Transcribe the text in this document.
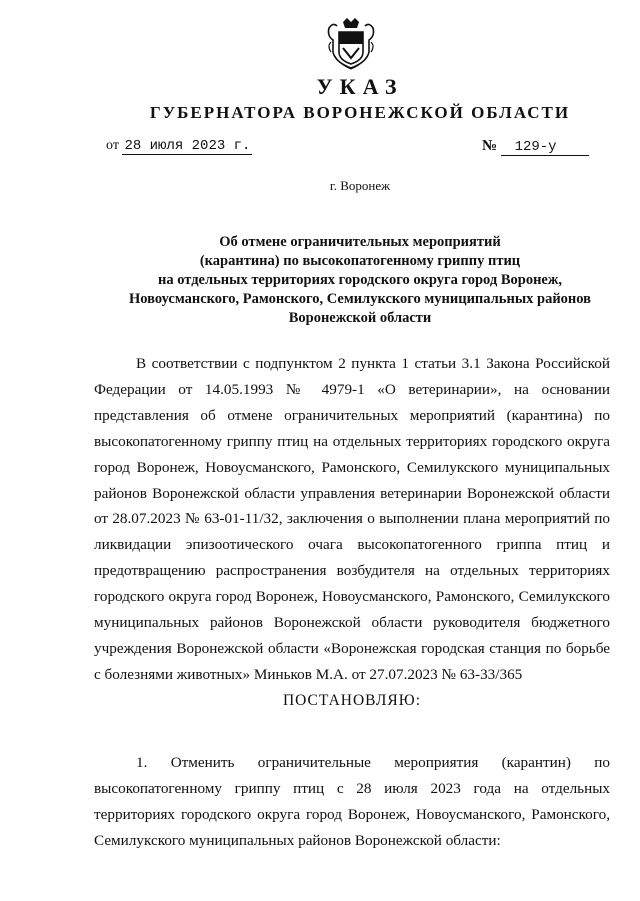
УКАЗ
ГУБЕРНАТОРА ВОРОНЕЖСКОЙ ОБЛАСТИ
от 28 июля 2023 г.	№ 129-у
г. Воронеж
Об отмене ограничительных мероприятий
(карантина) по высокопатогенному гриппу птиц
на отдельных территориях городского округа город Воронеж,
Новоусманского, Рамонского, Семилукского муниципальных районов
Воронежской области
В соответствии с подпунктом 2 пункта 1 статьи 3.1 Закона Российской
Федерации от 14.05.1993 № 4979-1 «О ветеринарии», на основании
представления об отмене ограничительных мероприятий (карантина) по
высокопатогенному гриппу птиц на отдельных территориях городского округа
город Воронеж, Новоусманского, Рамонского, Семилукского муниципальных
районов Воронежской области управления ветеринарии Воронежской области
от 28.07.2023 № 63-01-11/32, заключения о выполнении плана мероприятий по
ликвидации эпизоотического очага высокопатогенного гриппа птиц и
предотвращению распространения возбудителя на отдельных территориях
городского округа город Воронеж, Новоусманского, Рамонского, Семилукского
муниципальных районов Воронежской области руководителя бюджетного
учреждения Воронежской области «Воронежская городская станция по борьбе
с болезнями животных» Миньков М.А. от 27.07.2023 № 63-33/365
ПОСТАНОВЛЯЮ:
1. Отменить ограничительные мероприятия (карантин) по
высокопатогенному гриппу птиц с 28 июля 2023 года на отдельных
территориях городского округа город Воронеж, Новоусманского, Рамонского,
Семилукского муниципальных районов Воронежской области:
